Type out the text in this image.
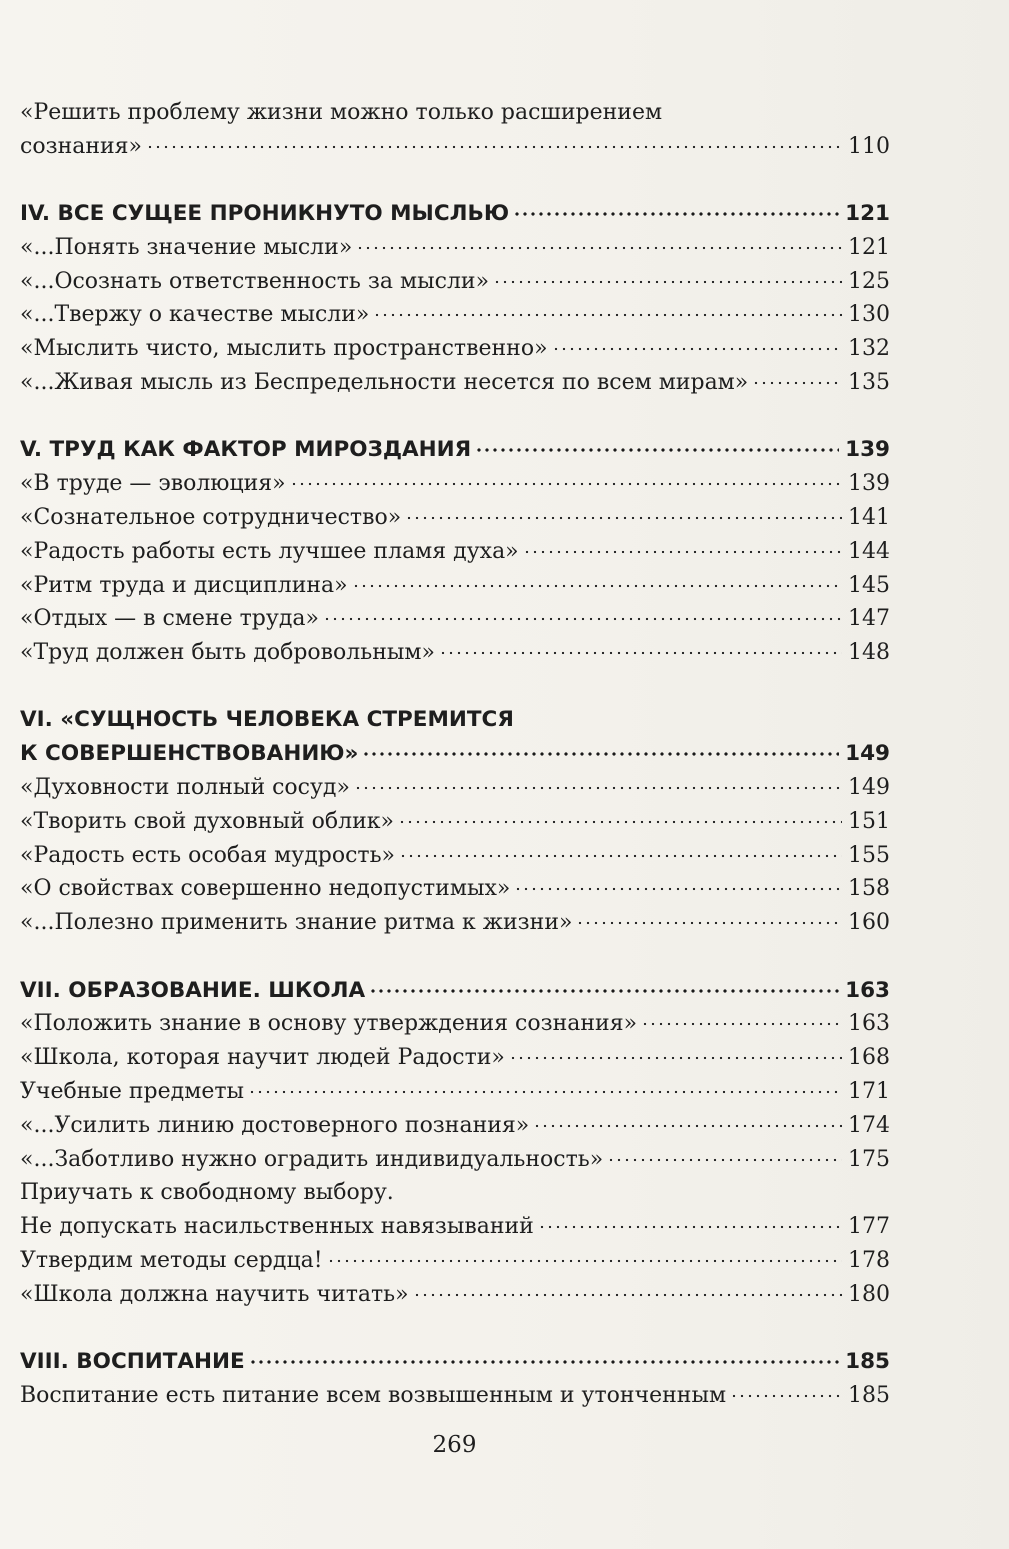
«Решить проблему жизни можно только расширением
сознания»	110
IV. ВСЕ СУЩЕЕ ПРОНИКНУТО МЫСЛЬЮ	121
«...Понять значение мысли»	121
«...Осознать ответственность за мысли»	125
«...Твержу о качестве мысли»	130
«Мыслить чисто, мыслить пространственно»	132
«...Живая мысль из Беспредельности несется по всем мирам»	135
V. ТРУД КАК ФАКТОР МИРОЗДАНИЯ	139
«В труде — эволюция»	139
«Сознательное сотрудничество»	141
«Радость работы есть лучшее пламя духа»	144
«Ритм труда и дисциплина»	145
«Отдых — в смене труда»	147
«Труд должен быть добровольным»	148
VI. «СУЩНОСТЬ ЧЕЛОВЕКА СТРЕМИТСЯ
К СОВЕРШЕНСТВОВАНИЮ»	149
«Духовности полный сосуд»	149
«Творить свой духовный облик»	151
«Радость есть особая мудрость»	155
«О свойствах совершенно недопустимых»	158
«...Полезно применить знание ритма к жизни»	160
VII. ОБРАЗОВАНИЕ. ШКОЛА	163
«Положить знание в основу утверждения сознания»	163
«Школа, которая научит людей Радости»	168
Учебные предметы	171
«...Усилить линию достоверного познания»	174
«...Заботливо нужно оградить индивидуальность»	175
Приучать к свободному выбору.
Не допускать насильственных навязываний	177
Утвердим методы сердца!	178
«Школа должна научить читать»	180
VIII. ВОСПИТАНИЕ	185
Воспитание есть питание всем возвышенным и утонченным	185
269
